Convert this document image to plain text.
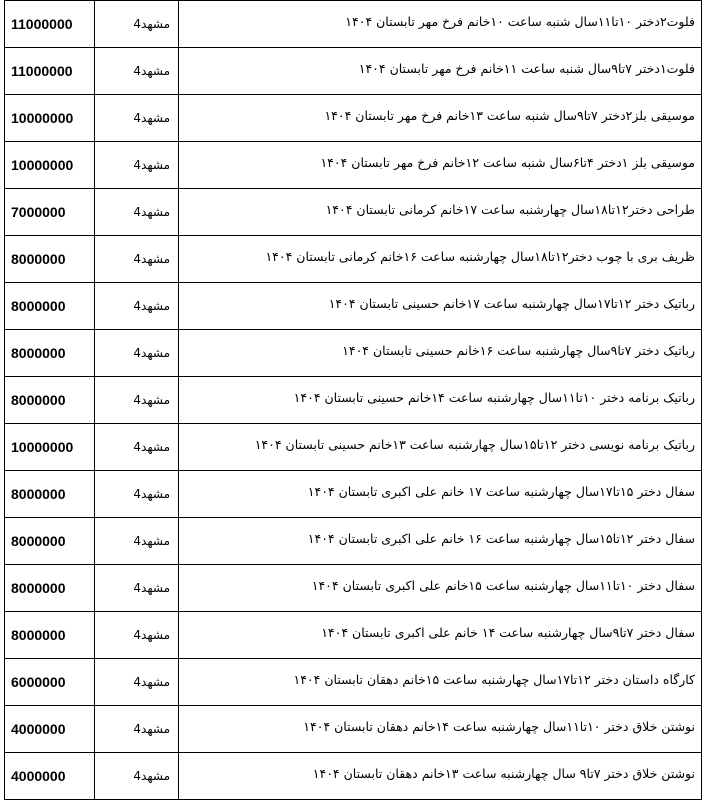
11000000	مشهد4	فلوت۲دختر ۱۰تا۱۱سال شنبه ساعت ۱۰خانم فرخ مهر تابستان ۱۴۰۴
11000000	مشهد4	فلوت۱دختر ۷تا۹سال شنبه ساعت ۱۱خانم فرخ مهر تابستان ۱۴۰۴
10000000	مشهد4	موسیقی بلز۲دختر ۷تا۹سال شنبه ساعت ۱۳خانم فرخ مهر تابستان ۱۴۰۴
10000000	مشهد4	موسیقی بلز ۱دختر ۴تا۶سال شنبه ساعت ۱۲خانم فرخ مهر تابستان ۱۴۰۴
7000000	مشهد4	طراحی دختر۱۲تا۱۸سال چهارشنبه ساعت ۱۷خانم کرمانی تابستان ۱۴۰۴
8000000	مشهد4	ظریف بری با چوب دختر۱۲تا۱۸سال چهارشنبه ساعت ۱۶خانم کرمانی تابستان ۱۴۰۴
8000000	مشهد4	رباتیک دختر ۱۲تا۱۷سال چهارشنبه ساعت ۱۷خانم حسینی تابستان ۱۴۰۴
8000000	مشهد4	رباتیک دختر ۷تا۹سال چهارشنبه ساعت ۱۶خانم حسینی تابستان ۱۴۰۴
8000000	مشهد4	رباتیک برنامه دختر ۱۰تا۱۱سال چهارشنبه ساعت ۱۴خانم حسینی تابستان ۱۴۰۴
10000000	مشهد4	رباتیک برنامه نویسی دختر ۱۲تا۱۵سال چهارشنبه ساعت ۱۳خانم حسینی تابستان ۱۴۰۴
8000000	مشهد4	سفال دختر ۱۵تا۱۷سال چهارشنبه ساعت ۱۷ خانم علی اکبری تابستان ۱۴۰۴
8000000	مشهد4	سفال دختر ۱۲تا۱۵سال چهارشنبه ساعت ۱۶ خانم علی اکبری تابستان ۱۴۰۴
8000000	مشهد4	سفال دختر ۱۰تا۱۱سال چهارشنبه ساعت ۱۵خانم علی اکبری تابستان ۱۴۰۴
8000000	مشهد4	سفال دختر ۷تا۹سال چهارشنبه ساعت ۱۴ خانم علی اکبری تابستان ۱۴۰۴
6000000	مشهد4	کارگاه داستان دختر ۱۲تا۱۷سال چهارشنبه ساعت ۱۵خانم دهقان تابستان ۱۴۰۴
4000000	مشهد4	نوشتن خلاق دختر ۱۰تا۱۱سال چهارشنبه ساعت ۱۴خانم دهقان تابستان ۱۴۰۴
4000000	مشهد4	نوشتن خلاق دختر ۷تا۹ سال چهارشنبه ساعت ۱۳خانم دهقان تابستان ۱۴۰۴
